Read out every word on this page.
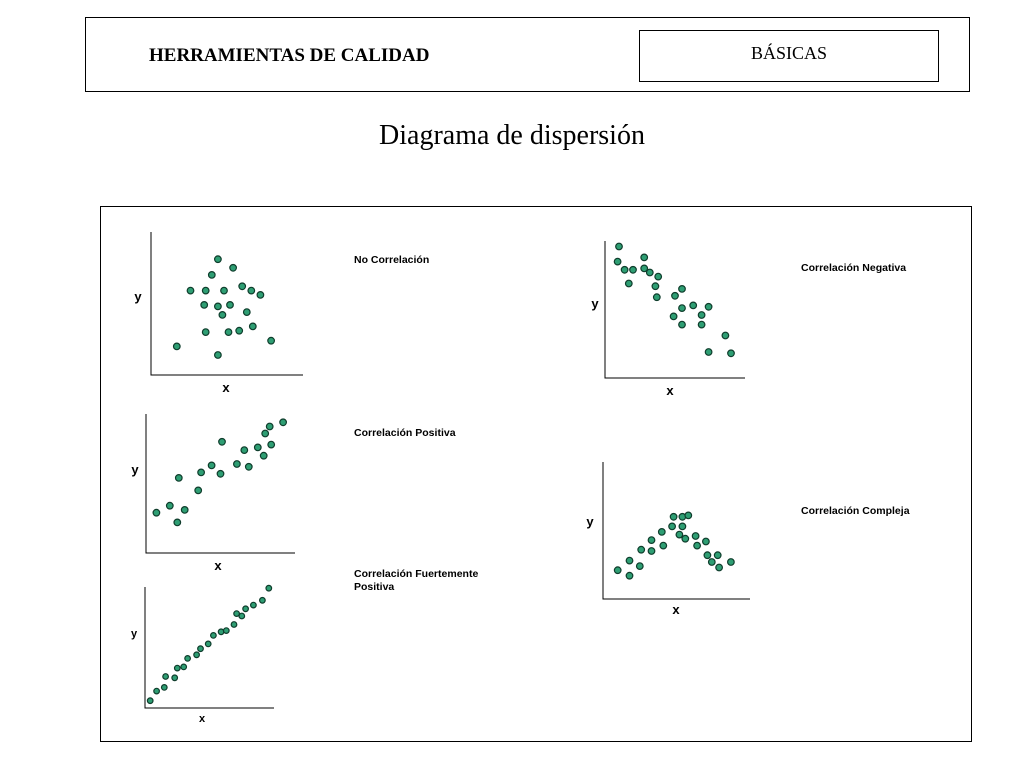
HERRAMIENTAS DE CALIDAD	BÁSICAS
Diagrama de dispersión
No Correlación
Correlación Negativa
Correlación Positiva
Correlación Compleja
Correlación Fuertemente Positiva
x
y
x
y
x
y
x
y
x
y
